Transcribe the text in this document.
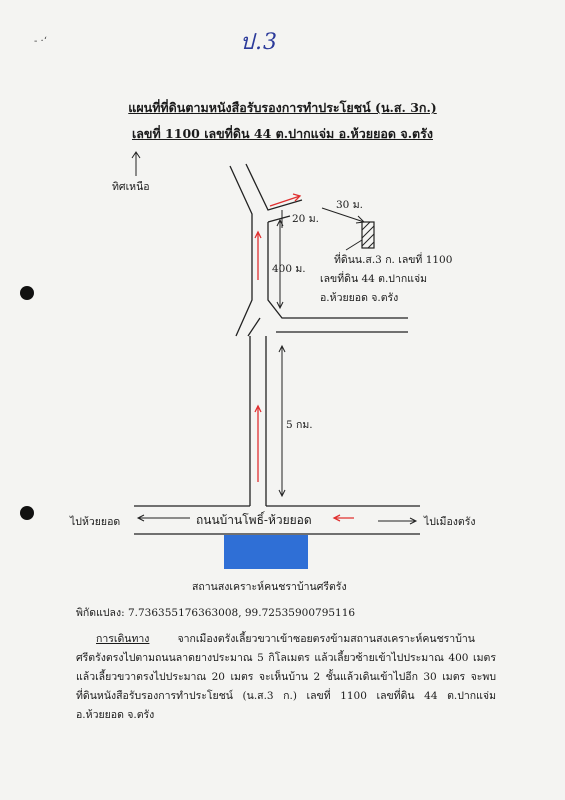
‐ ·‘	ป.3
แผนที่ที่ดินตามหนังสือรับรองการทำประโยชน์ (น.ส. 3ก.)
เลขที่ 1100 เลขที่ดิน 44 ต.ปากแจ่ม อ.ห้วยยอด จ.ตรัง
ทิศเหนือ
30 ม.
20 ม.
400 ม.
5 กม.
ที่ดินน.ส.3 ก. เลขที่ 1100
เลขที่ดิน 44 ต.ปากแจ่ม
อ.ห้วยยอด จ.ตรัง
ถนนบ้านโพธิ์-ห้วยยอด
ไปห้วยยอด	ไปเมืองตรัง
สถานสงเคราะห์คนชราบ้านศรีตรัง
พิกัดแปลง: 7.736355176363008, 99.72535900795116
การเดินทาง	จากเมืองตรังเลี้ยวขวาเข้าซอยตรงข้ามสถานสงเคราะห์คนชราบ้านศรีตรังตรงไปตามถนนลาดยางประมาณ 5 กิโลเมตร แล้วเลี้ยวซ้ายเข้าไปประมาณ 400 เมตรแล้วเลี้ยวขวาตรงไปประมาณ 20 เมตร จะเห็นบ้าน 2 ชั้นแล้วเดินเข้าไปอีก 30 เมตร จะพบที่ดินหนังสือรับรองการทำประโยชน์ (น.ส.3 ก.) เลขที่ 1100 เลขที่ดิน 44 ต.ปากแจ่ม อ.ห้วยยอด จ.ตรัง
